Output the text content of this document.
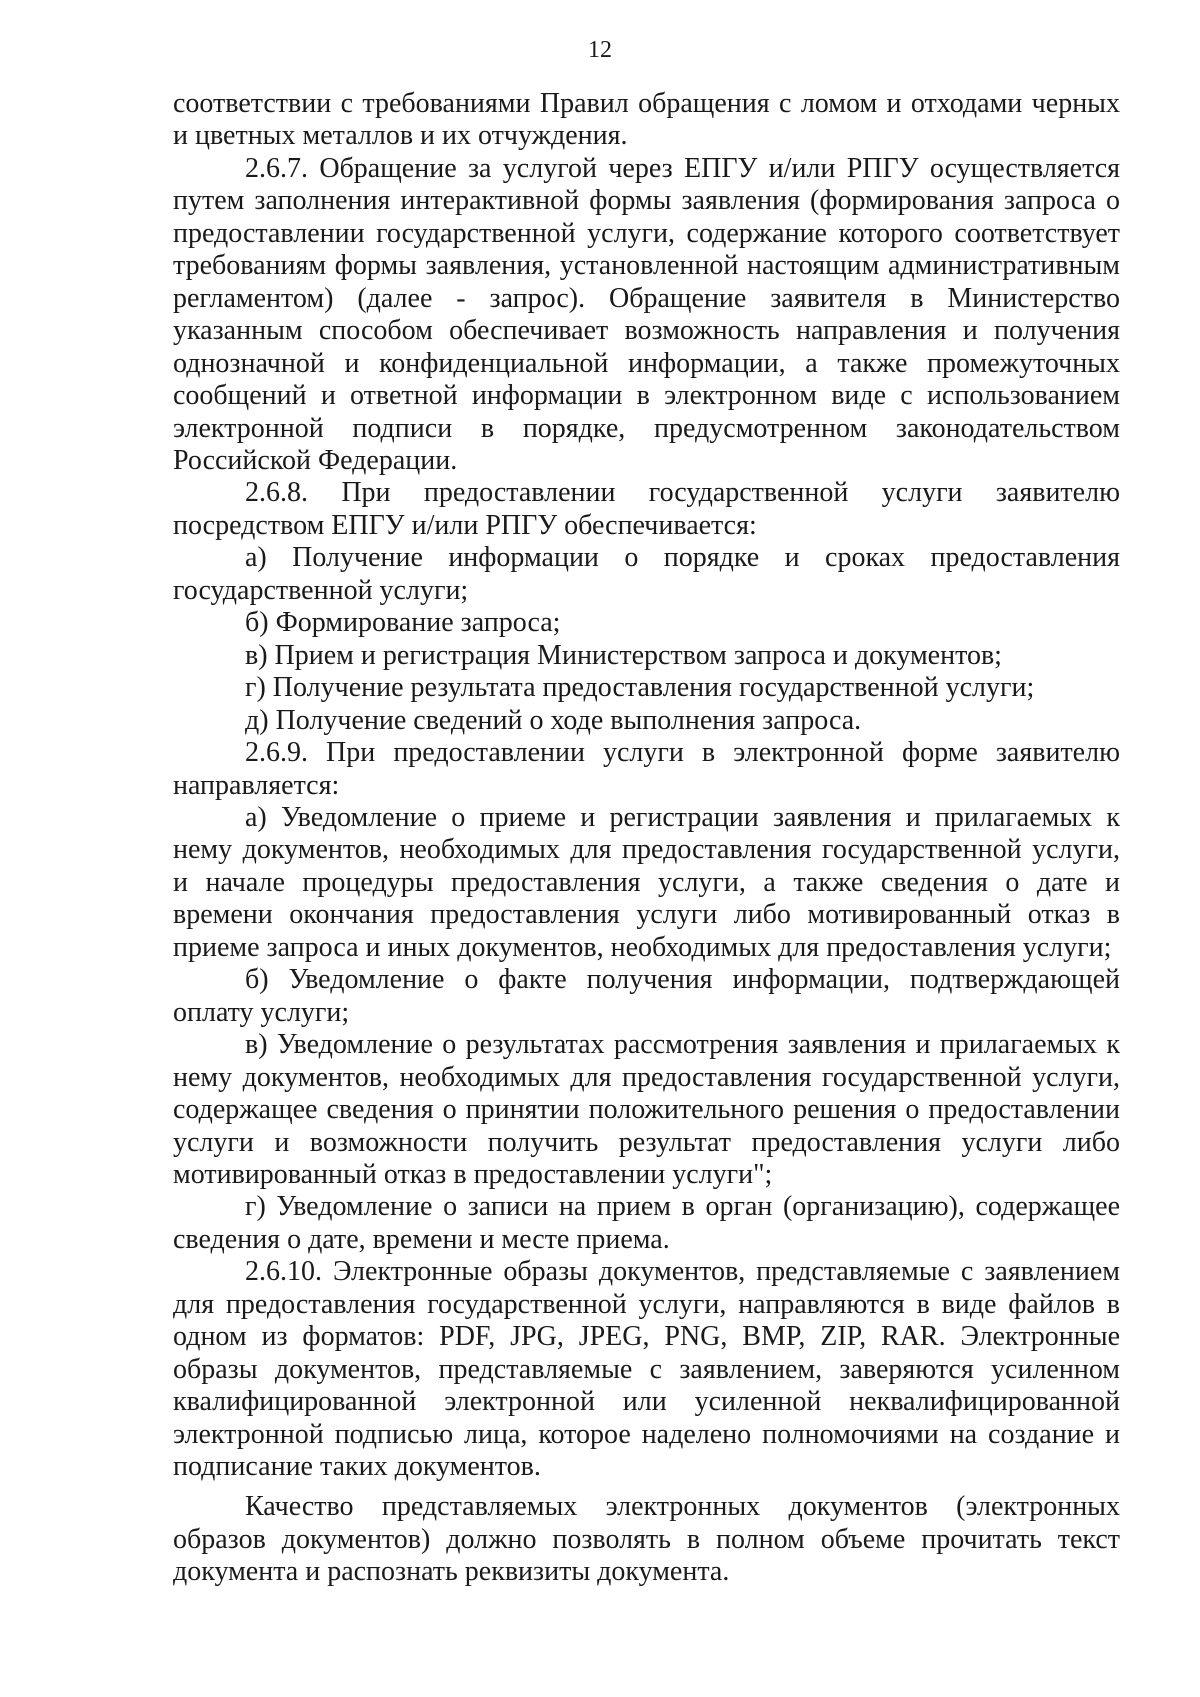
12

соответствии с требованиями Правил обращения с ломом и отходами черных и цветных металлов и их отчуждения.

2.6.7. Обращение за услугой через ЕПГУ и/или РПГУ осуществляется путем заполнения интерактивной формы заявления (формирования запроса о предоставлении государственной услуги, содержание которого соответствует требованиям формы заявления, установленной настоящим административным регламентом) (далее - запрос). Обращение заявителя в Министерство указанным способом обеспечивает возможность направления и получения однозначной и конфиденциальной информации, а также промежуточных сообщений и ответной информации в электронном виде с использованием электронной подписи в порядке, предусмотренном законодательством Российской Федерации.

2.6.8. При предоставлении государственной услуги заявителю посредством ЕПГУ и/или РПГУ обеспечивается:

а) Получение информации о порядке и сроках предоставления государственной услуги;

б) Формирование запроса;

в) Прием и регистрация Министерством запроса и документов;

г) Получение результата предоставления государственной услуги;

д) Получение сведений о ходе выполнения запроса.

2.6.9. При предоставлении услуги в электронной форме заявителю направляется:

а) Уведомление о приеме и регистрации заявления и прилагаемых к нему документов, необходимых для предоставления государственной услуги, и начале процедуры предоставления услуги, а также сведения о дате и времени окончания предоставления услуги либо мотивированный отказ в приеме запроса и иных документов, необходимых для предоставления услуги;

б) Уведомление о факте получения информации, подтверждающей оплату услуги;

в) Уведомление о результатах рассмотрения заявления и прилагаемых к нему документов, необходимых для предоставления государственной услуги, содержащее сведения о принятии положительного решения о предоставлении услуги и возможности получить результат предоставления услуги либо мотивированный отказ в предоставлении услуги";

г) Уведомление о записи на прием в орган (организацию), содержащее сведения о дате, времени и месте приема.

2.6.10. Электронные образы документов, представляемые с заявлением для предоставления государственной услуги, направляются в виде файлов в одном из форматов: PDF, JPG, JPEG, PNG, BMP, ZIP, RAR. Электронные образы документов, представляемые с заявлением, заверяются усиленном квалифицированной электронной или усиленной неквалифицированной электронной подписью лица, которое наделено полномочиями на создание и подписание таких документов.

Качество представляемых электронных документов (электронных образов документов) должно позволять в полном объеме прочитать текст документа и распознать реквизиты документа.
